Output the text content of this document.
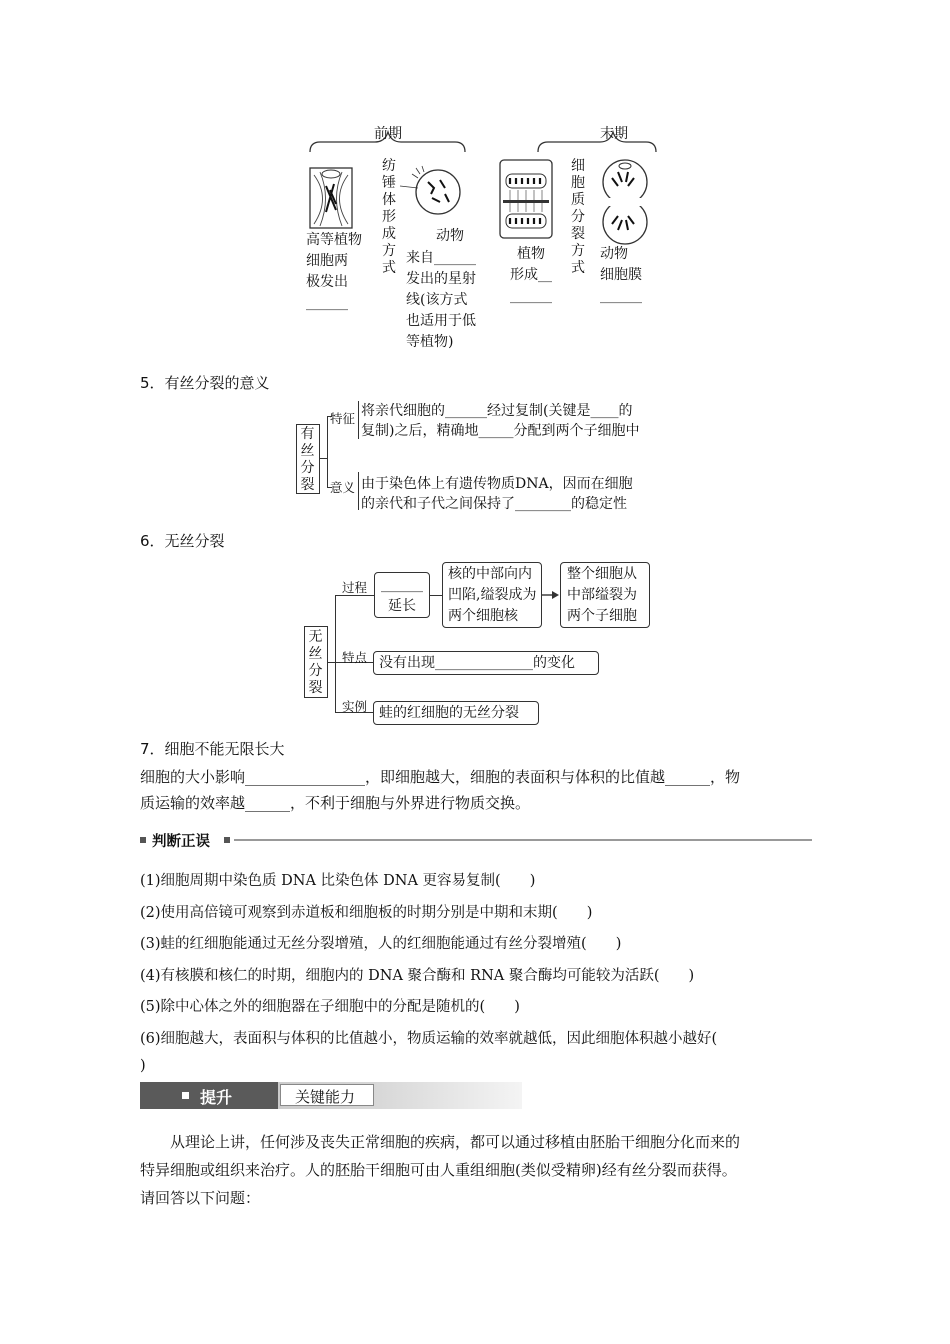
前期	末期
纺
锤
体
形
成
方
式
细
胞
质
分
裂
方
式
高等植物
细胞两
极发出
______
动物
来自______
发出的星射
线(该方式
也适用于低
等植物)
植物
形成__
______
动物
细胞膜
______
5．有丝分裂的意义
有
丝
分
裂
特征
意义
将亲代细胞的______经过复制(关键是____的
复制)之后，精确地_____分配到两个子细胞中
由于染色体上有遗传物质DNA，因而在细胞
的亲代和子代之间保持了________的稳定性
6．无丝分裂
无
丝
分
裂
过程
特点
实例
______
延长
核的中部向内
凹陷,缢裂成为
两个细胞核
整个细胞从
中部缢裂为
两个子细胞
没有出现______________的变化
蛙的红细胞的无丝分裂
7．细胞不能无限长大
细胞的大小影响________________，即细胞越大，细胞的表面积与体积的比值越______，物
质运输的效率越______，不利于细胞与外界进行物质交换。
判断正误
(1)细胞周期中染色质 DNA 比染色体 DNA 更容易复制(　　)
(2)使用高倍镜可观察到赤道板和细胞板的时期分别是中期和末期(　　)
(3)蛙的红细胞能通过无丝分裂增殖，人的红细胞能通过有丝分裂增殖(　　)
(4)有核膜和核仁的时期，细胞内的 DNA 聚合酶和 RNA 聚合酶均可能较为活跃(　　)
(5)除中心体之外的细胞器在子细胞中的分配是随机的(　　)
(6)细胞越大，表面积与体积的比值越小，物质运输的效率就越低，因此细胞体积越小越好(
)
提升	关键能力
从理论上讲，任何涉及丧失正常细胞的疾病，都可以通过移植由胚胎干细胞分化而来的
特异细胞或组织来治疗。人的胚胎干细胞可由人重组细胞(类似受精卵)经有丝分裂而获得。
请回答以下问题：
